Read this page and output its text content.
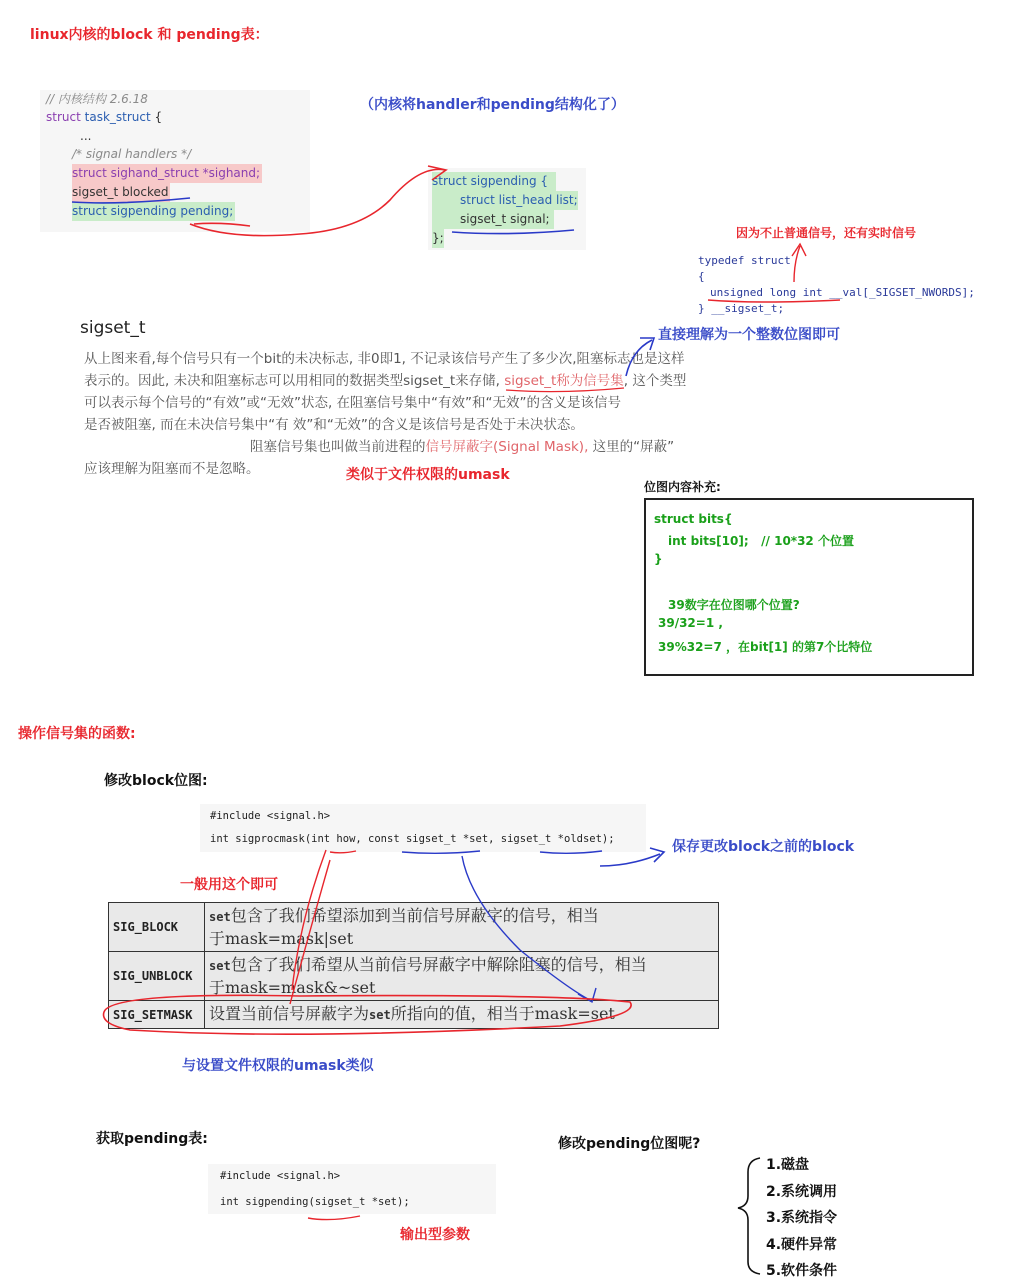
linux内核的block 和 pending表：
// 内核结构 2.6.18
struct task_struct {
...
/* signal handlers */
struct sighand_struct *sighand;
sigset_t blocked
struct sigpending pending;
（内核将handler和pending结构化了）
struct sigpending {
struct list_head list;
sigset_t signal;
};	因为不止普通信号，还有实时信号
typedef struct
{
unsigned long int __val[_SIGSET_NWORDS];
} __sigset_t;
sigset_t	直接理解为一个整数位图即可
从上图来看,每个信号只有一个bit的未决标志, 非0即1, 不记录该信号产生了多少次,阻塞标志也是这样
表示的。因此, 未决和阻塞标志可以用相同的数据类型sigset_t来存储, sigset_t称为信号集, 这个类型
可以表示每个信号的“有效”或“无效”状态, 在阻塞信号集中“有效”和“无效”的含义是该信号
是否被阻塞, 而在未决信号集中“有 效”和“无效”的含义是该信号是否处于未决状态。
阻塞信号集也叫做当前进程的信号屏蔽字(Signal Mask), 这里的“屏蔽”
应该理解为阻塞而不是忽略。	类似于文件权限的umask
位图内容补充:
struct bits{
int bits[10];   // 10*32 个位置
}
39数字在位图哪个位置?
39/32=1 ,
39%32=7 ，在bit[1] 的第7个比特位
操作信号集的函数:
修改block位图:
#include <signal.h>
int sigprocmask(int how, const sigset_t *set, sigset_t *oldset);	保存更改block之前的block
一般用这个即可
SIG_BLOCK	set包含了我们希望添加到当前信号屏蔽字的信号，相当
于mask=mask|set
SIG_UNBLOCK	set包含了我们希望从当前信号屏蔽字中解除阻塞的信号，相当
于mask=mask&~set
SIG_SETMASK	设置当前信号屏蔽字为set所指向的值，相当于mask=set
与设置文件权限的umask类似
获取pending表:
#include <signal.h>
int sigpending(sigset_t *set);
输出型参数
修改pending位图呢?
1.磁盘
2.系统调用
3.系统指令
4.硬件异常
5.软件条件
